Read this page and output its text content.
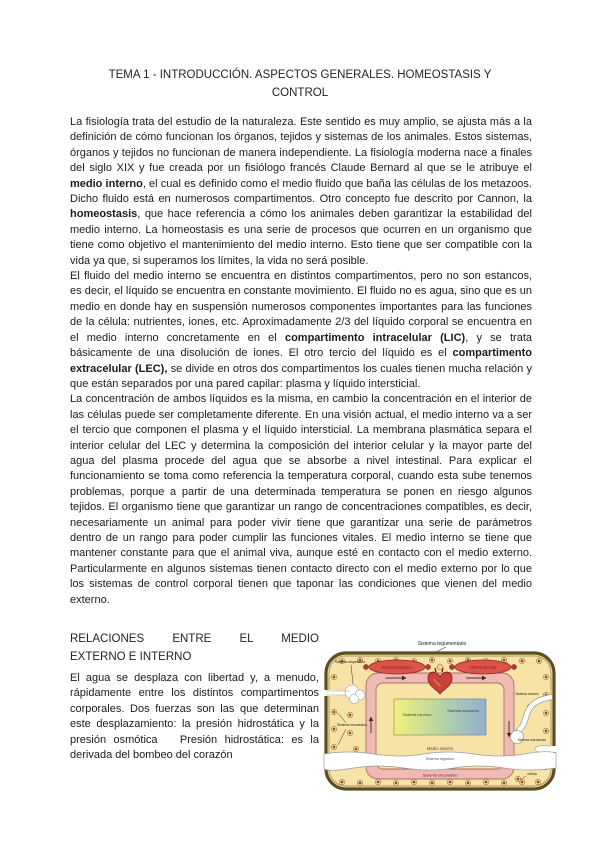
TEMA 1 - INTRODUCCIÓN. ASPECTOS GENERALES. HOMEOSTASIS Y CONTROL

La fisiología trata del estudio de la naturaleza. Este sentido es muy amplio, se ajusta más a la definición de cómo funcionan los órganos, tejidos y sistemas de los animales. Estos sistemas, órganos y tejidos no funcionan de manera independiente. La fisiología moderna nace a finales del siglo XIX y fue creada por un fisiólogo francés Claude Bernard al que se le atribuye el medio interno, el cual es definido como el medio fluido que baña las células de los metazoos. Dicho fluido está en numerosos compartimentos. Otro concepto fue descrito por Cannon, la homeostasis, que hace referencia a cómo los animales deben garantizar la estabilidad del medio interno. La homeostasis es una serie de procesos que ocurren en un organismo que tiene como objetivo el mantenimiento del medio interno. Esto tiene que ser compatible con la vida ya que, si superamos los límites, la vida no será posible.

El fluido del medio interno se encuentra en distintos compartimentos, pero no son estancos, es decir, el líquido se encuentra en constante movimiento. El fluido no es agua, sino que es un medio en donde hay en suspensión numerosos componentes importantes para las funciones de la célula: nutrientes, iones, etc. Aproximadamente 2/3 del líquido corporal se encuentra en el medio interno concretamente en el compartimento intracelular (LIC), y se trata básicamente de una disolución de iones. El otro tercio del líquido es el compartimento extracelular (LEC), se divide en otros dos compartimentos los cuales tienen mucha relación y que están separados por una pared capilar: plasma y líquido intersticial.

La concentración de ambos líquidos es la misma, en cambio la concentración en el interior de las células puede ser completamente diferente. En una visión actual, el medio interno va a ser el tercio que componen el plasma y el líquido intersticial. La membrana plasmática separa el interior celular del LEC y determina la composición del interior celular y la mayor parte del agua del plasma procede del agua que se absorbe a nivel intestinal. Para explicar el funcionamiento se toma como referencia la temperatura corporal, cuando esta sube tenemos problemas, porque a partir de una determinada temperatura se ponen en riesgo algunos tejidos. El organismo tiene que garantizar un rango de concentraciones compatibles, es decir, necesariamente un animal para poder vivir tiene que garantizar una serie de parámetros dentro de un rango para poder cumplir las funciones vitales. El medio interno se tiene que mantener constante para que el animal viva, aunque esté en contacto con el medio externo. Particularmente en algunos sistemas tienen contacto directo con el medio externo por lo que los sistemas de control corporal tienen que taponar las condiciones que vienen del medio externo.

RELACIONES ENTRE EL MEDIO
EXTERNO E INTERNO
El agua se desplaza con libertad y, a menudo, rápidamente entre los distintos compartimentos corporales. Dos fuerzas son las que determinan este desplazamiento: la presión hidrostática y la presión osmótica   Presión hidrostática: es la derivada del bombeo del corazón
Sistema tegumentario
Músculo esquelético	Sistema muscular
Sistema nervioso
Sistema endocrino
Medio interno
Sistema respiratorio
Sistema inmunitario
Sistema urinario
Sistema reproductor
Sistema digestivo
Sistema circulatorio	célula
